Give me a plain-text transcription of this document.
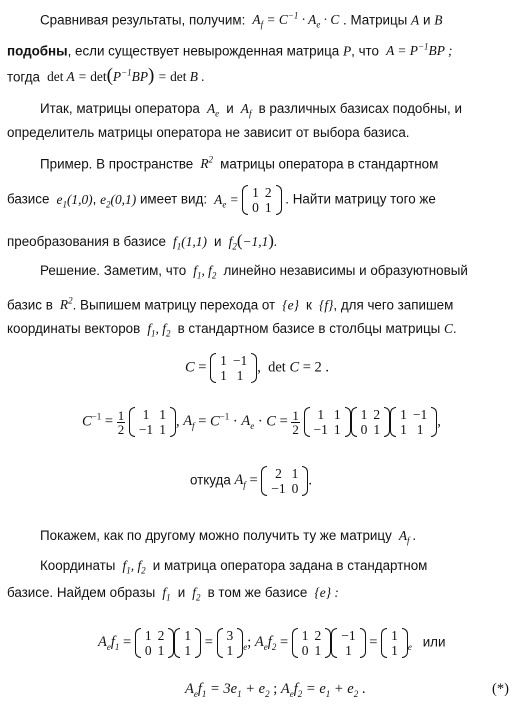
Сравнивая результаты, получим:  $A_f = C^{-1} \cdot A_e \cdot C$ . Матрицы A и B
подобны, если существует невырожденная матрица P, что  $A = P^{-1}BP$ ;
тогда $\det A = \det(P^{-1}BP) = \det B$ .
Итак, матрицы оператора  $A_e$ и  $A_f$ в различных базисах подобны, и
определитель матрицы оператора не зависит от выбора базиса.
Пример. В пространстве  $R^2$ матрицы оператора в стандартном
базисе  $e_1(1,0)$, $e_2(0,1)$ имеет вид:  $A_e = 1$	2
0	1
. Найти матрицу того же
преобразования в базисе  $f_1(1,1)$  и  $f_2(-1,1)$.
Решение. Заметим, что  $f_1$, $f_2$ линейно независимы и образуютновый
базис в  $R^2$. Выпишем матрицу перехода от  {e}  к  {f}, для чего запишем
координаты векторов  $f_1$, $f_2$ в стандартном базисе в столбцы матрицы C.
C = 1	−1
1	1
,  det C = 2 .
$C^{-1} = \frac{1}{2}$
1	1
−1	1
, $A_f = C^{-1} \cdot A_e \cdot C = \frac{1}{2}$
1	1
−1	1
1	2
0	1
1	−1
1	1
,
откуда $A_f = 2$	1
−1	0
.
Покажем, как по другому можно получить ту же матрицу  $A_f$ .
Координаты  $f_1$, $f_2$ и матрица оператора задана в стандартном
базисе. Найдем образы  $f_1$ и  $f_2$ в том же базисе  {e} :
$A_ef_1 = 1$	2
0	1
1
1
= 3
1 $_e$; $A_ef_2 = 1$	2
0	1
−1
1
= 1
1 $_e$ или
$A_ef_1 = 3e_1 + e_2$ ; $A_ef_2 = e_1 + e_2$ .	(*)
